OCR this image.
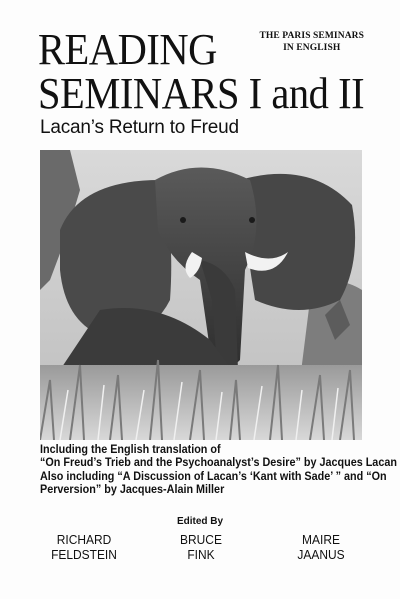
READING
SEMINARS I and II
THE PARIS SEMINARS
IN ENGLISH
Lacan’s Return to Freud
Including the English translation of
“On Freud’s Trieb and the Psychoanalyst’s Desire” by Jacques Lacan
Also including “A Discussion of Lacan’s ‘Kant with Sade’ ” and “On
Perversion” by Jacques-Alain Miller
Edited By
RICHARD
FELDSTEIN
BRUCE
FINK
MAIRE
JAANUS
